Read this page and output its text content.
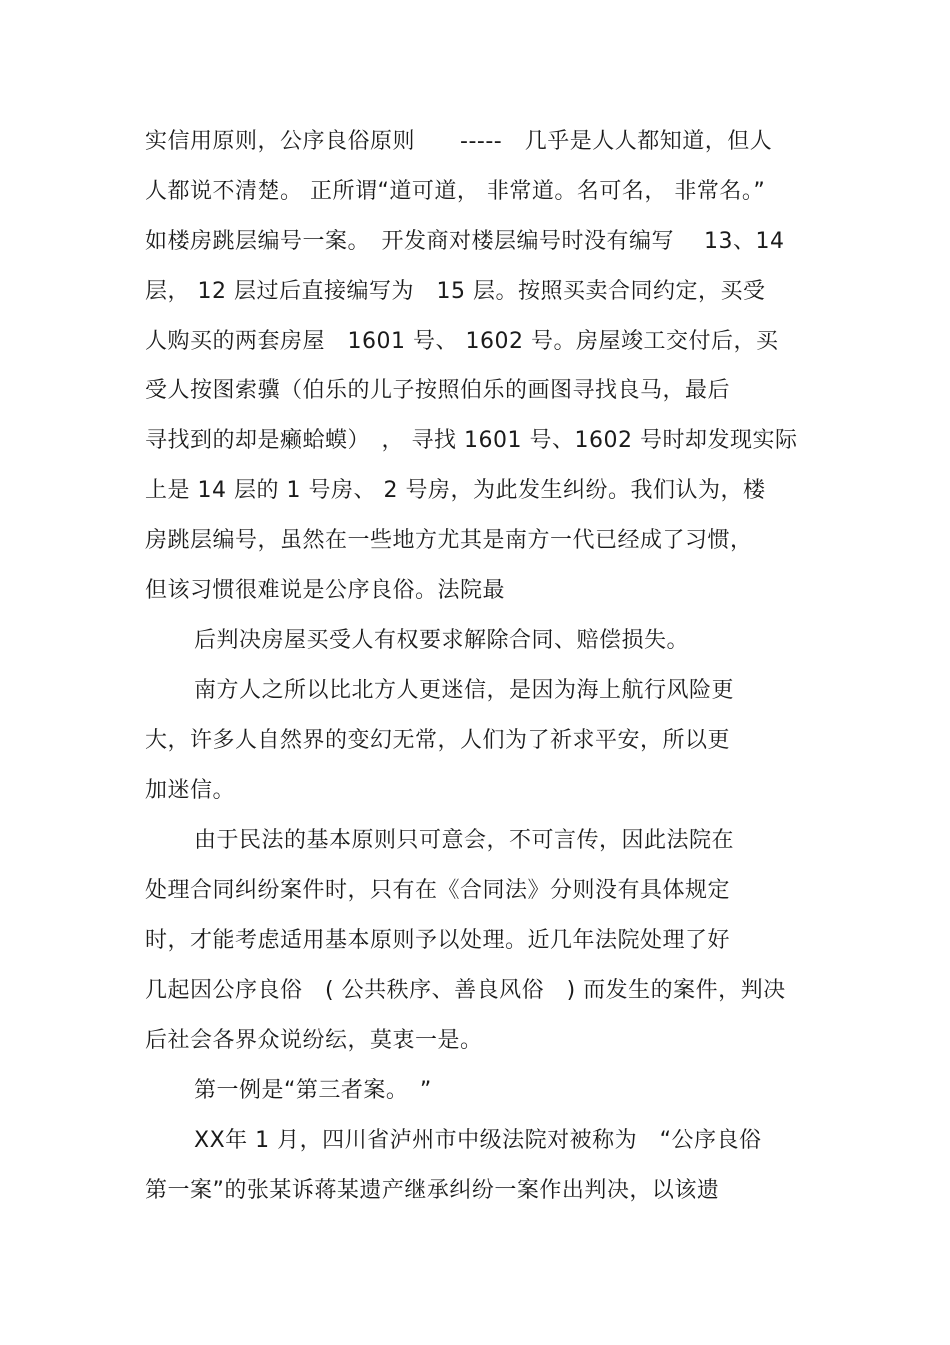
实信用原则，公序良俗原则　　-----　几乎是人人都知道，但人
人都说不清楚。 正所谓“道可道， 非常道。名可名， 非常名。”
如楼房跳层编号一案。　开发商对楼层编号时没有编写　 13、14
层， 12 层过后直接编写为　15 层。按照买卖合同约定，买受
人购买的两套房屋　1601 号、 1602 号。房屋竣工交付后，买
受人按图索骥（伯乐的儿子按照伯乐的画图寻找良马，最后
寻找到的却是癞蛤蟆）　， 寻找 1601 号、1602 号时却发现实际
上是 14 层的 1 号房、 2 号房，为此发生纠纷。我们认为，楼
房跳层编号，虽然在一些地方尤其是南方一代已经成了习惯，
但该习惯很难说是公序良俗。法院最
后判决房屋买受人有权要求解除合同、赔偿损失。
南方人之所以比北方人更迷信，是因为海上航行风险更
大，许多人自然界的变幻无常，人们为了祈求平安，所以更
加迷信。
由于民法的基本原则只可意会，不可言传，因此法院在
处理合同纠纷案件时，只有在《合同法》分则没有具体规定
时，才能考虑适用基本原则予以处理。近几年法院处理了好
几起因公序良俗　( 公共秩序、善良风俗　) 而发生的案件，判决
后社会各界众说纷纭，莫衷一是。
第一例是“第三者案。　”
XX年 1 月，四川省泸州市中级法院对被称为　“公序良俗
第一案”的张某诉蒋某遗产继承纠纷一案作出判决，以该遗
